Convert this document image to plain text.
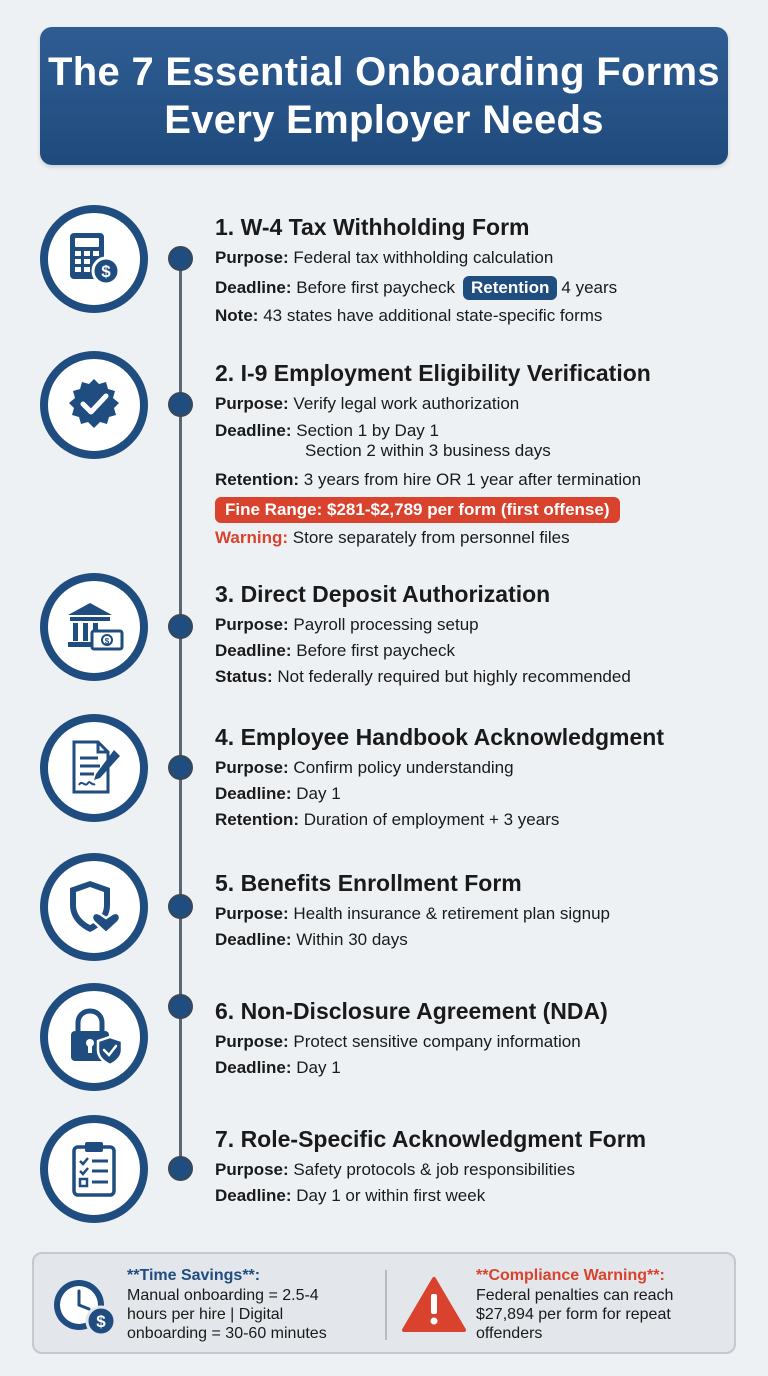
The 7 Essential Onboarding Forms Every Employer Needs
$
1. W-4 Tax Withholding Form
Purpose: Federal tax withholding calculation
Deadline: Before first paycheck Retention 4 years
Note: 43 states have additional state-specific forms
2. I-9 Employment Eligibility Verification
Purpose: Verify legal work authorization
Deadline: Section 1 by Day 1
Section 2 within 3 business days
Retention: 3 years from hire OR 1 year after termination
Fine Range: $281-$2,789 per form (first offense)
Warning: Store separately from personnel files
$
3. Direct Deposit Authorization
Purpose: Payroll processing setup
Deadline: Before first paycheck
Status: Not federally required but highly recommended
4. Employee Handbook Acknowledgment
Purpose: Confirm policy understanding
Deadline: Day 1
Retention: Duration of employment + 3 years
5. Benefits Enrollment Form
Purpose: Health insurance & retirement plan signup
Deadline: Within 30 days
6. Non-Disclosure Agreement (NDA)
Purpose: Protect sensitive company information
Deadline: Day 1
7. Role-Specific Acknowledgment Form
Purpose: Safety protocols & job responsibilities
Deadline: Day 1 or within first week
$
**Time Savings**:
Manual onboarding = 2.5-4
hours per hire | Digital
onboarding = 30-60 minutes
**Compliance Warning**:
Federal penalties can reach
$27,894 per form for repeat
offenders
